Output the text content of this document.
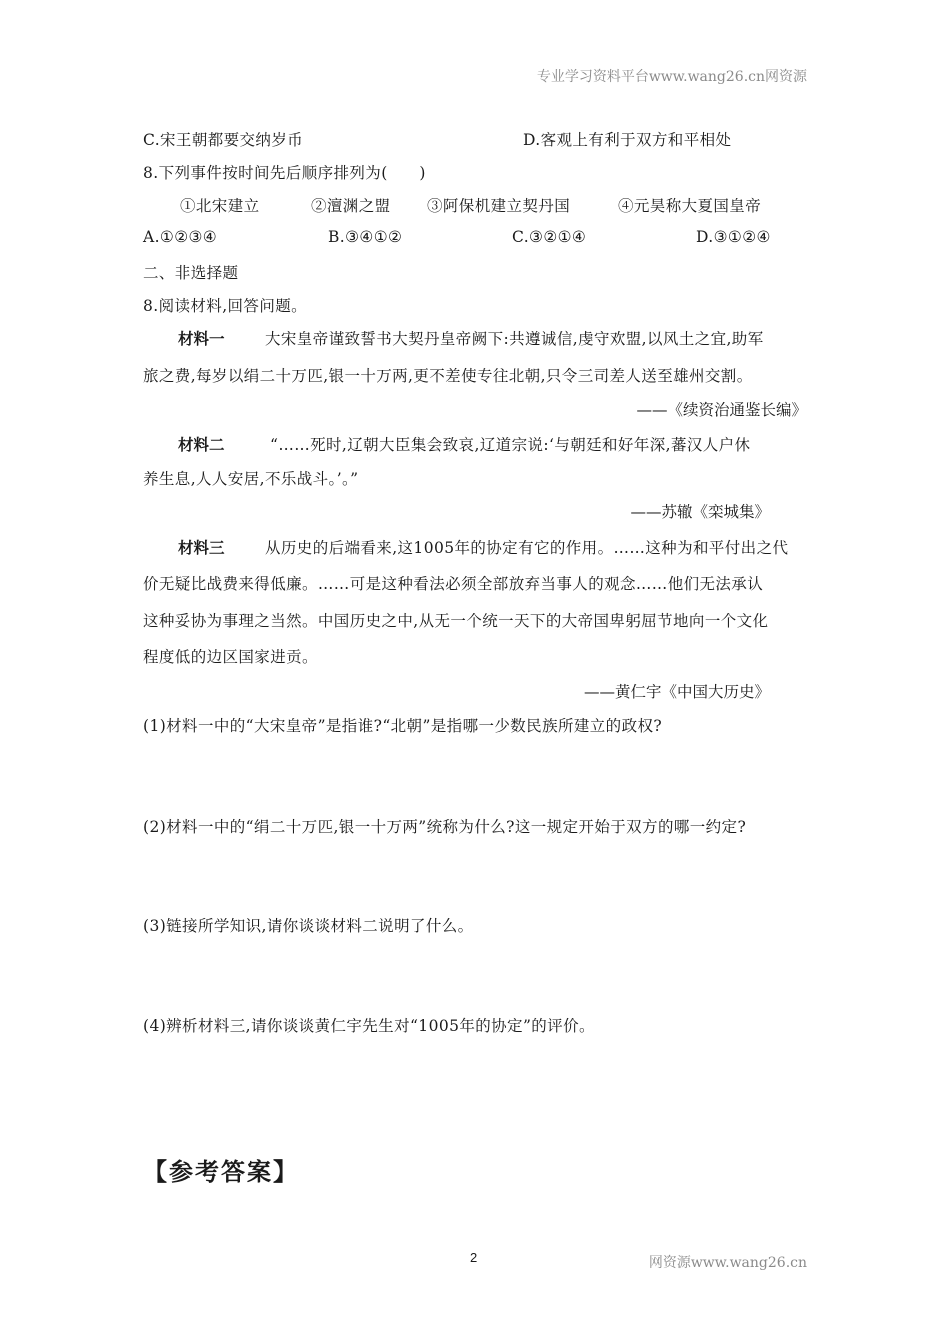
专业学习资料平台www.wang26.cn网资源
C.宋王朝都要交纳岁币	D.客观上有利于双方和平相处
8.下列事件按时间先后顺序排列为(　　)
①北宋建立	②澶渊之盟 ③阿保机建立契丹国	④元昊称大夏国皇帝
A.①②③④	B.③④①②	C.③②①④	D.③①②④
二、非选择题
8.阅读材料,回答问题。
材料一	大宋皇帝谨致誓书大契丹皇帝阙下:共遵诚信,虔守欢盟,以风土之宜,助军
旅之费,每岁以绢二十万匹,银一十万两,更不差使专往北朝,只令三司差人送至雄州交割。
——《续资治通鉴长编》
材料二	“……死时,辽朝大臣集会致哀,辽道宗说:‘与朝廷和好年深,蕃汉人户休
养生息,人人安居,不乐战斗。’。”
——苏辙《栾城集》
材料三	从历史的后端看来,这1005年的协定有它的作用。……这种为和平付出之代
价无疑比战费来得低廉。……可是这种看法必须全部放弃当事人的观念……他们无法承认
这种妥协为事理之当然。中国历史之中,从无一个统一天下的大帝国卑躬屈节地向一个文化
程度低的边区国家进贡。
——黄仁宇《中国大历史》
(1)材料一中的“大宋皇帝”是指谁?“北朝”是指哪一少数民族所建立的政权?
(2)材料一中的“绢二十万匹,银一十万两”统称为什么?这一规定开始于双方的哪一约定?
(3)链接所学知识,请你谈谈材料二说明了什么。
(4)辨析材料三,请你谈谈黄仁宇先生对“1005年的协定”的评价。
【参考答案】
2	网资源www.wang26.cn
